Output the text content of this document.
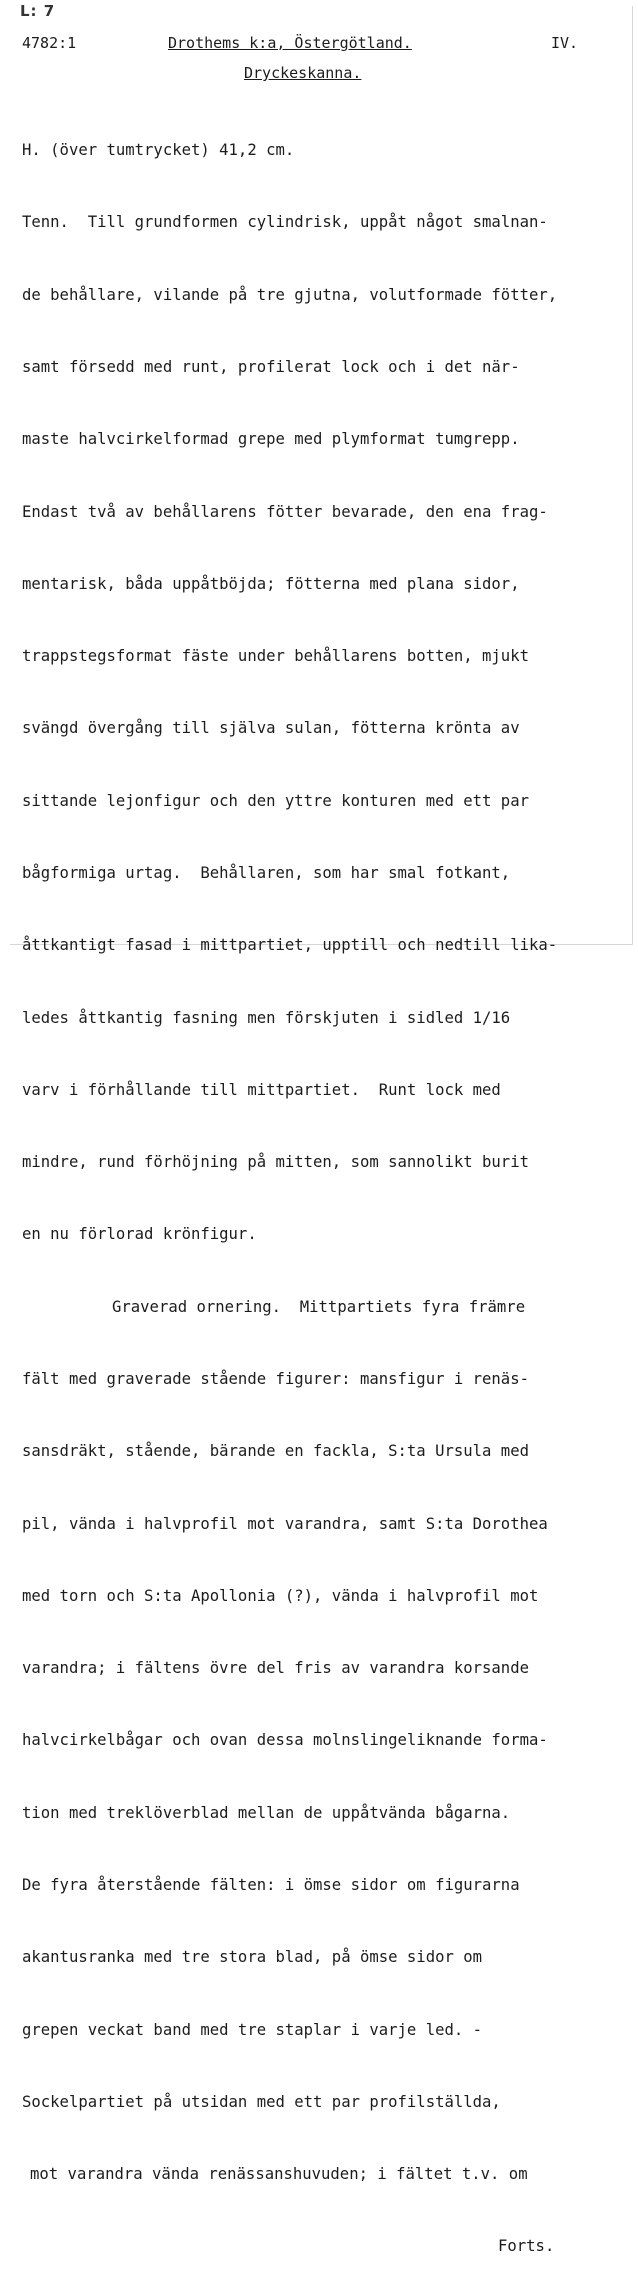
L: 7
4782:1	Drothems k:a, Östergötland.	IV.
Dryckeskanna.

H. (över tumtrycket) 41,2 cm.

Tenn.  Till grundformen cylindrisk, uppåt något smalnan-

de behållare, vilande på tre gjutna, volutformade fötter,

samt försedd med runt, profilerat lock och i det när-

maste halvcirkelformad grepe med plymformat tumgrepp.

Endast två av behållarens fötter bevarade, den ena frag-

mentarisk, båda uppåtböjda; fötterna med plana sidor,

trappstegsformat fäste under behållarens botten, mjukt

svängd övergång till själva sulan, fötterna krönta av

sittande lejonfigur och den yttre konturen med ett par

bågformiga urtag.  Behållaren, som har smal fotkant,

åttkantigt fasad i mittpartiet, upptill och nedtill lika-

ledes åttkantig fasning men förskjuten i sidled 1/16

varv i förhållande till mittpartiet.  Runt lock med

mindre, rund förhöjning på mitten, som sannolikt burit

en nu förlorad krönfigur.

Graverad ornering.  Mittpartiets fyra främre

fält med graverade stående figurer: mansfigur i renäs-

sansdräkt, stående, bärande en fackla, S:ta Ursula med

pil, vända i halvprofil mot varandra, samt S:ta Dorothea

med torn och S:ta Apollonia (?), vända i halvprofil mot

varandra; i fältens övre del fris av varandra korsande

halvcirkelbågar och ovan dessa molnslingeliknande forma-

tion med treklöverblad mellan de uppåtvända bågarna.

De fyra återstående fälten: i ömse sidor om figurarna

akantusranka med tre stora blad, på ömse sidor om

grepen veckat band med tre staplar i varje led. -

Sockelpartiet på utsidan med ett par profilställda,

mot varandra vända renässanshuvuden; i fältet t.v. om

Forts.
